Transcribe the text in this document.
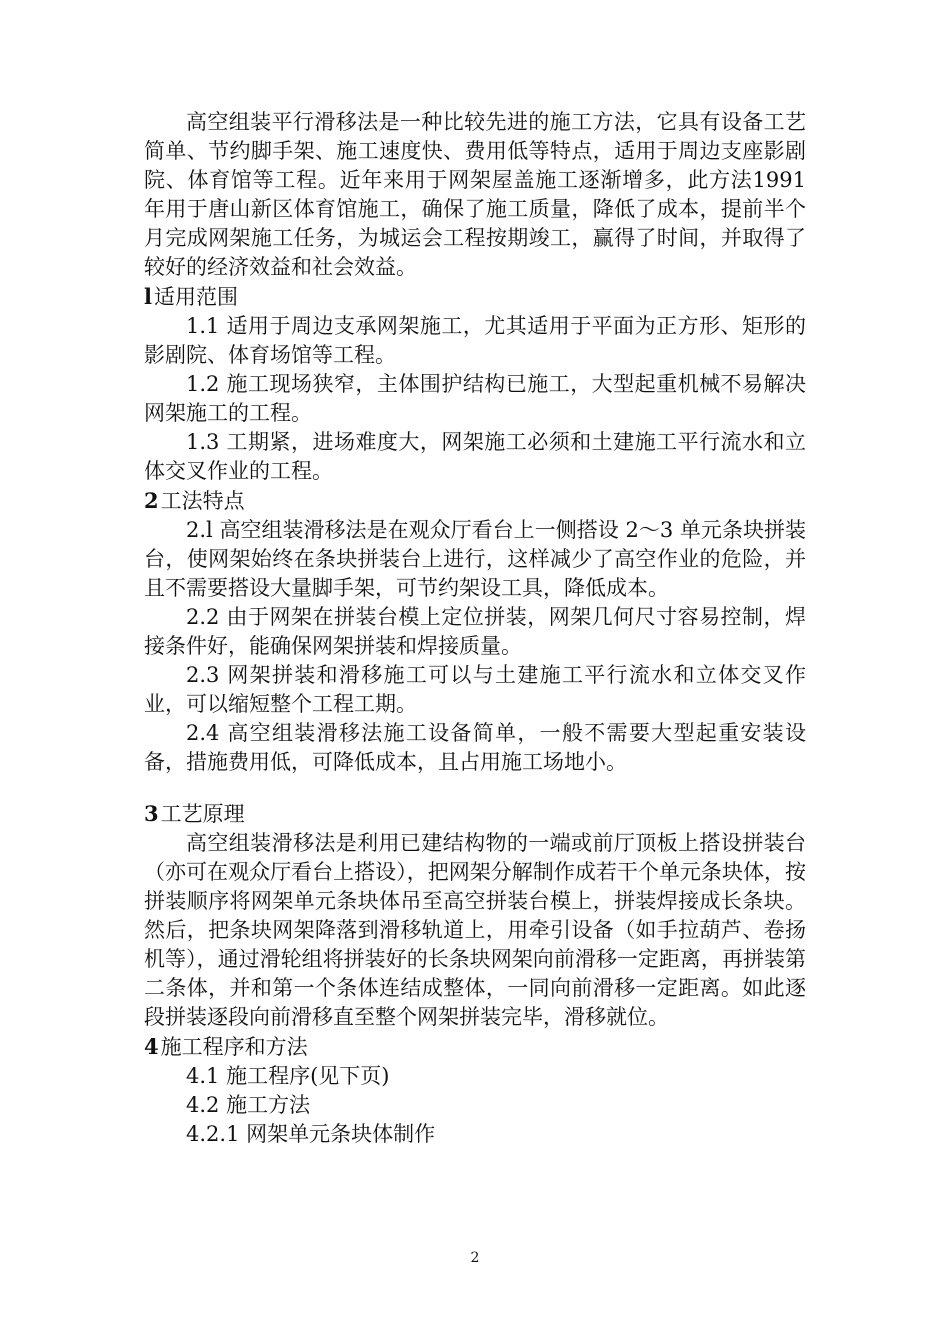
高空组装平行滑移法是一种比较先进的施工方法，它具有设备工艺简单、节约脚手架、施工速度快、费用低等特点，适用于周边支座影剧院、体育馆等工程。近年来用于网架屋盖施工逐渐增多，此方法1991 年用于唐山新区体育馆施工，确保了施工质量，降低了成本，提前半个月完成网架施工任务，为城运会工程按期竣工，赢得了时间，并取得了较好的经济效益和社会效益。

l适用范围

1.1 适用于周边支承网架施工，尤其适用于平面为正方形、矩形的影剧院、体育场馆等工程。

1.2 施工现场狭窄，主体围护结构已施工，大型起重机械不易解决网架施工的工程。

1.3 工期紧，进场难度大，网架施工必须和土建施工平行流水和立体交叉作业的工程。

2工法特点

2.l 高空组装滑移法是在观众厅看台上一侧搭设 2～3 单元条块拼装台，使网架始终在条块拼装台上进行，这样减少了高空作业的危险，并且不需要搭设大量脚手架，可节约架设工具，降低成本。

2.2 由于网架在拼装台模上定位拼装，网架几何尺寸容易控制，焊接条件好，能确保网架拼装和焊接质量。

2.3 网架拼装和滑移施工可以与土建施工平行流水和立体交叉作业，可以缩短整个工程工期。

2.4 高空组装滑移法施工设备简单，一般不需要大型起重安装设备，措施费用低，可降低成本，且占用施工场地小。

3工艺原理

高空组装滑移法是利用已建结构物的一端或前厅顶板上搭设拼装台（亦可在观众厅看台上搭设），把网架分解制作成若干个单元条块体，按拼装顺序将网架单元条块体吊至高空拼装台模上，拼装焊接成长条块。然后，把条块网架降落到滑移轨道上，用牵引设备（如手拉葫芦、卷扬机等），通过滑轮组将拼装好的长条块网架向前滑移一定距离，再拼装第二条体，并和第一个条体连结成整体，一同向前滑移一定距离。如此逐段拼装逐段向前滑移直至整个网架拼装完毕，滑移就位。

4施工程序和方法

4.1 施工程序(见下页)

4.2 施工方法

4.2.1 网架单元条块体制作

2
